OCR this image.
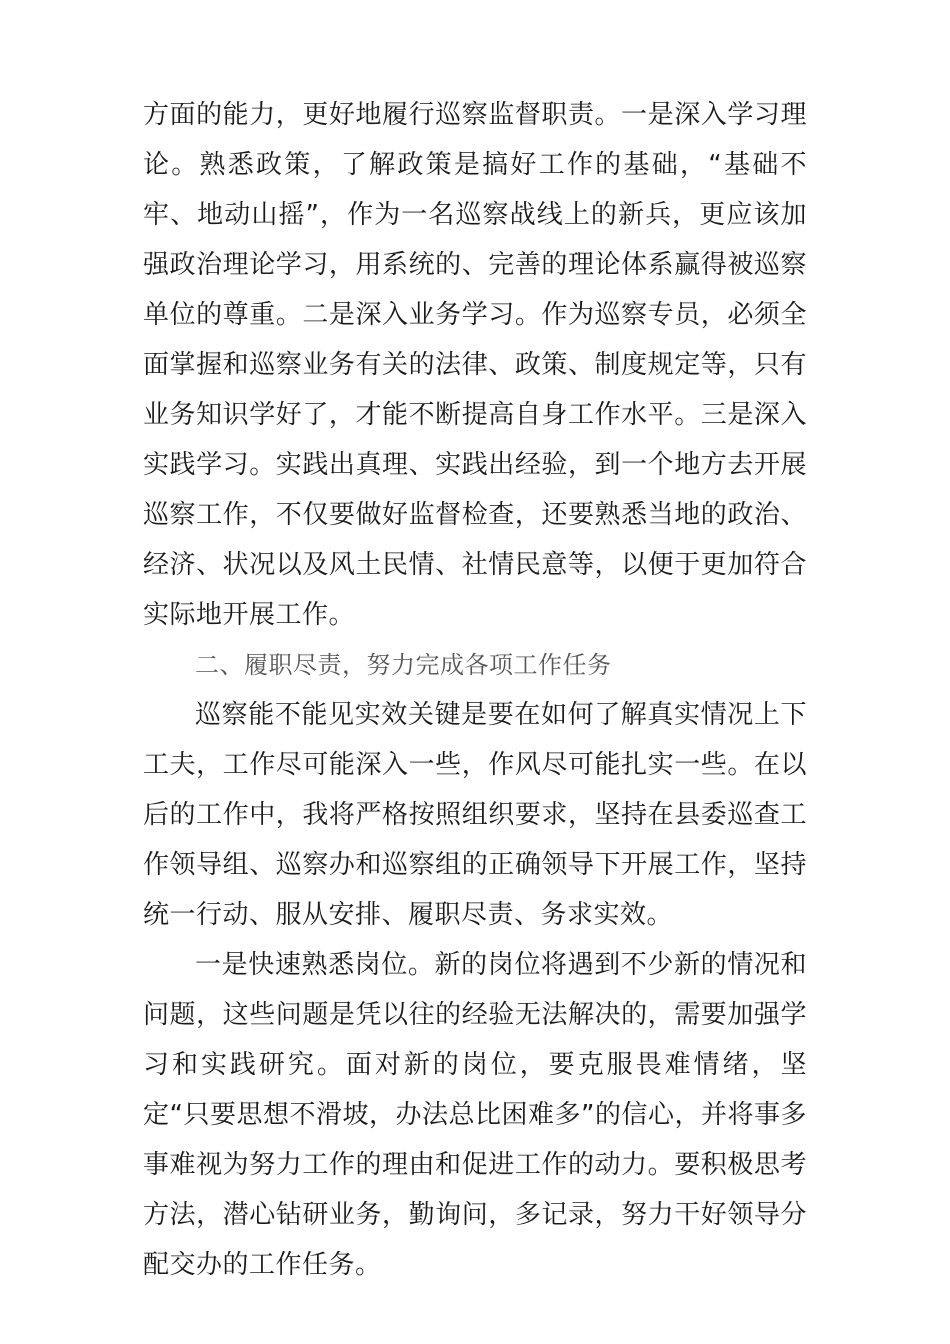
方面的能力，更好地履行巡察监督职责。一是深入学习理论。熟悉政策，了解政策是搞好工作的基础，“基础不牢、地动山摇”，作为一名巡察战线上的新兵，更应该加强政治理论学习，用系统的、完善的理论体系赢得被巡察单位的尊重。二是深入业务学习。作为巡察专员，必须全面掌握和巡察业务有关的法律、政策、制度规定等，只有业务知识学好了，才能不断提高自身工作水平。三是深入实践学习。实践出真理、实践出经验，到一个地方去开展巡察工作，不仅要做好监督检查，还要熟悉当地的政治、经济、状况以及风土民情、社情民意等，以便于更加符合实际地开展工作。

二、履职尽责，努力完成各项工作任务

巡察能不能见实效关键是要在如何了解真实情况上下工夫，工作尽可能深入一些，作风尽可能扎实一些。在以后的工作中，我将严格按照组织要求，坚持在县委巡查工作领导组、巡察办和巡察组的正确领导下开展工作，坚持统一行动、服从安排、履职尽责、务求实效。

一是快速熟悉岗位。新的岗位将遇到不少新的情况和问题，这些问题是凭以往的经验无法解决的，需要加强学习和实践研究。面对新的岗位，要克服畏难情绪，坚定“只要思想不滑坡，办法总比困难多”的信心，并将事多事难视为努力工作的理由和促进工作的动力。要积极思考方法，潜心钻研业务，勤询问，多记录，努力干好领导分配交办的工作任务。
